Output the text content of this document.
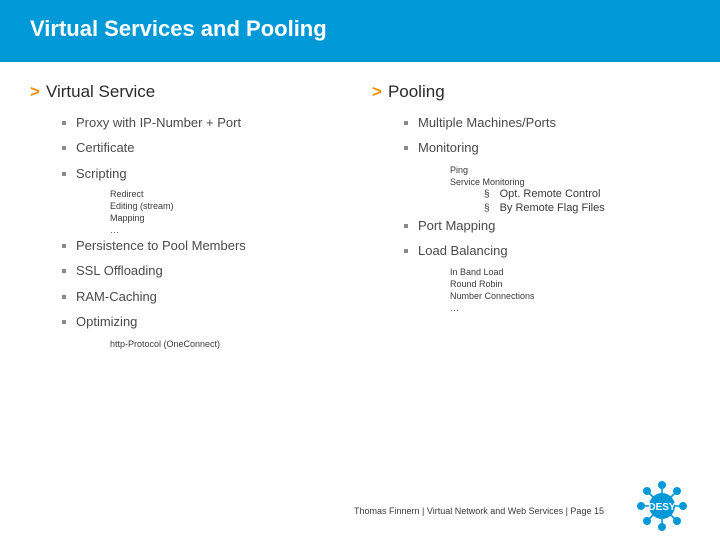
Virtual Services and Pooling
> Virtual Service
Proxy with IP-Number + Port
Certificate
Scripting
Redirect
Editing (stream)
Mapping
…
Persistence to Pool Members
SSL Offloading
RAM-Caching
Optimizing
http-Protocol (OneConnect)
> Pooling
Multiple Machines/Ports
Monitoring
Ping
Service Monitoring
§ Opt. Remote Control
§ By Remote Flag Files
Port Mapping
Load Balancing
In Band Load
Round Robin
Number Connections
…
Thomas Finnern | Virtual Network and Web Services | Page 15	DESY
